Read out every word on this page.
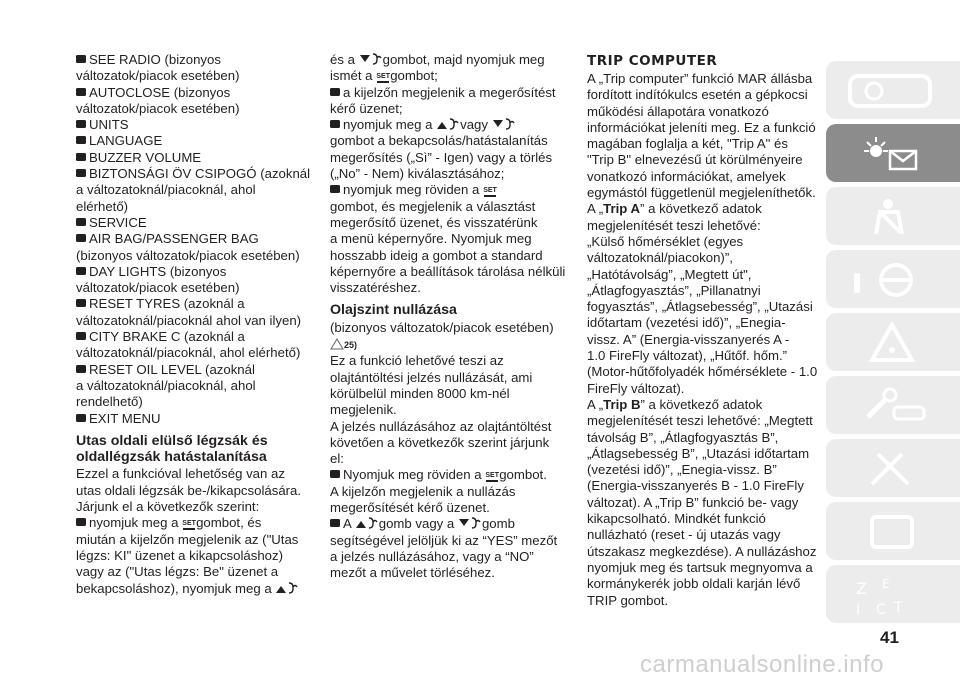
SEE RADIO (bizonyos
változatok/piacok esetében)
AUTOCLOSE (bizonyos
változatok/piacok esetében)
UNITS
LANGUAGE
BUZZER VOLUME
BIZTONSÁGI ÖV CSIPOGÓ (azoknál
a változatoknál/piacoknál, ahol
elérhető)
SERVICE
AIR BAG/PASSENGER BAG
(bizonyos változatok/piacok esetében)
DAY LIGHTS (bizonyos
változatok/piacok esetében)
RESET TYRES (azoknál a
változatoknál/piacoknál ahol van ilyen)
CITY BRAKE C (azoknál a
változatoknál/piacoknál, ahol elérhető)
RESET OIL LEVEL (azoknál
a változatoknál/piacoknál, ahol
rendelhető)
EXIT MENU
Utas oldali elülső légzsák és
oldallégzsák hatástalanítása
Ezzel a funkcióval lehetőség van az
utas oldali légzsák be-/kikapcsolására.
Járjunk el a következők szerint:
nyomjuk meg a SETgombot, és
miután a kijelzőn megjelenik az ("Utas
légzs: KI" üzenet a kikapcsoláshoz)
vagy az ("Utas légzs: Be" üzenet a
bekapcsoláshoz), nyomjuk meg a
és a gombot, majd nyomjuk meg
ismét a SETgombot;
a kijelzőn megjelenik a megerősítést
kérő üzenet;
nyomjuk meg a vagy
gombot a bekapcsolás/hatástalanítás
megerősítés („Sì” - Igen) vagy a törlés
(„No” - Nem) kiválasztásához;
nyomjuk meg röviden a SET
gombot, és megjelenik a választást
megerősítő üzenet, és visszatérünk
a menü képernyőre. Nyomjuk meg
hosszabb ideig a gombot a standard
képernyőre a beállítások tárolása nélküli
visszatéréshez.
Olajszint nullázása
(bizonyos változatok/piacok esetében)
25)
Ez a funkció lehetővé teszi az
olajtántöltési jelzés nullázását, ami
körülbelül minden 8000 km-nél
megjelenik.
A jelzés nullázásához az olajtántöltést
követően a következők szerint járjunk
el:
Nyomjuk meg röviden a SETgombot.
A kijelzőn megjelenik a nullázás
megerősítését kérő üzenet.
A gomb vagy a gomb
segítségével jelöljük ki az “YES” mezőt
a jelzés nullázásához, vagy a “NO”
mezőt a művelet törléséhez.
TRIP COMPUTER
A „Trip computer” funkció MAR állásba
fordított indítókulcs esetén a gépkocsi
működési állapotára vonatkozó
információkat jeleníti meg. Ez a funkció
magában foglalja a két, "Trip A" és
"Trip B" elnevezésű út körülményeire
vonatkozó információkat, amelyek
egymástól függetlenül megjeleníthetők.
A „Trip A” a következő adatok
megjelenítését teszi lehetővé:
„Külső hőmérséklet (egyes
változatoknál/piacokon)”,
„Hatótávolság”, „Megtett út",
„Átlagfogyasztás”, „Pillanatnyi
fogyasztás”, „Átlagsebesség”, „Utazási
időtartam (vezetési idő)”, „Enegia-
vissz. A” (Energia-visszanyerés A -
1.0 FireFly változat), „Hűtőf. hőm.”
(Motor-hűtőfolyadék hőmérséklete - 1.0
FireFly változat).
A „Trip B” a következő adatok
megjelenítését teszi lehetővé: „Megtett
távolság B”, „Átlagfogyasztás B”,
„Átlagsebesség B”, „Utazási időtartam
(vezetési idő)”, „Enegia-vissz. B”
(Energia-visszanyerés B - 1.0 FireFly
változat). A „Trip B” funkció be- vagy
kikapcsolható. Mindkét funkció
nullázható (reset - új utazás vagy
útszakasz megkezdése). A nullázáshoz
nyomjuk meg és tartsuk megnyomva a
kormánykerék jobb oldali karján lévő
TRIP gombot.
Z E
I C T
41
carmanualsonline.info
